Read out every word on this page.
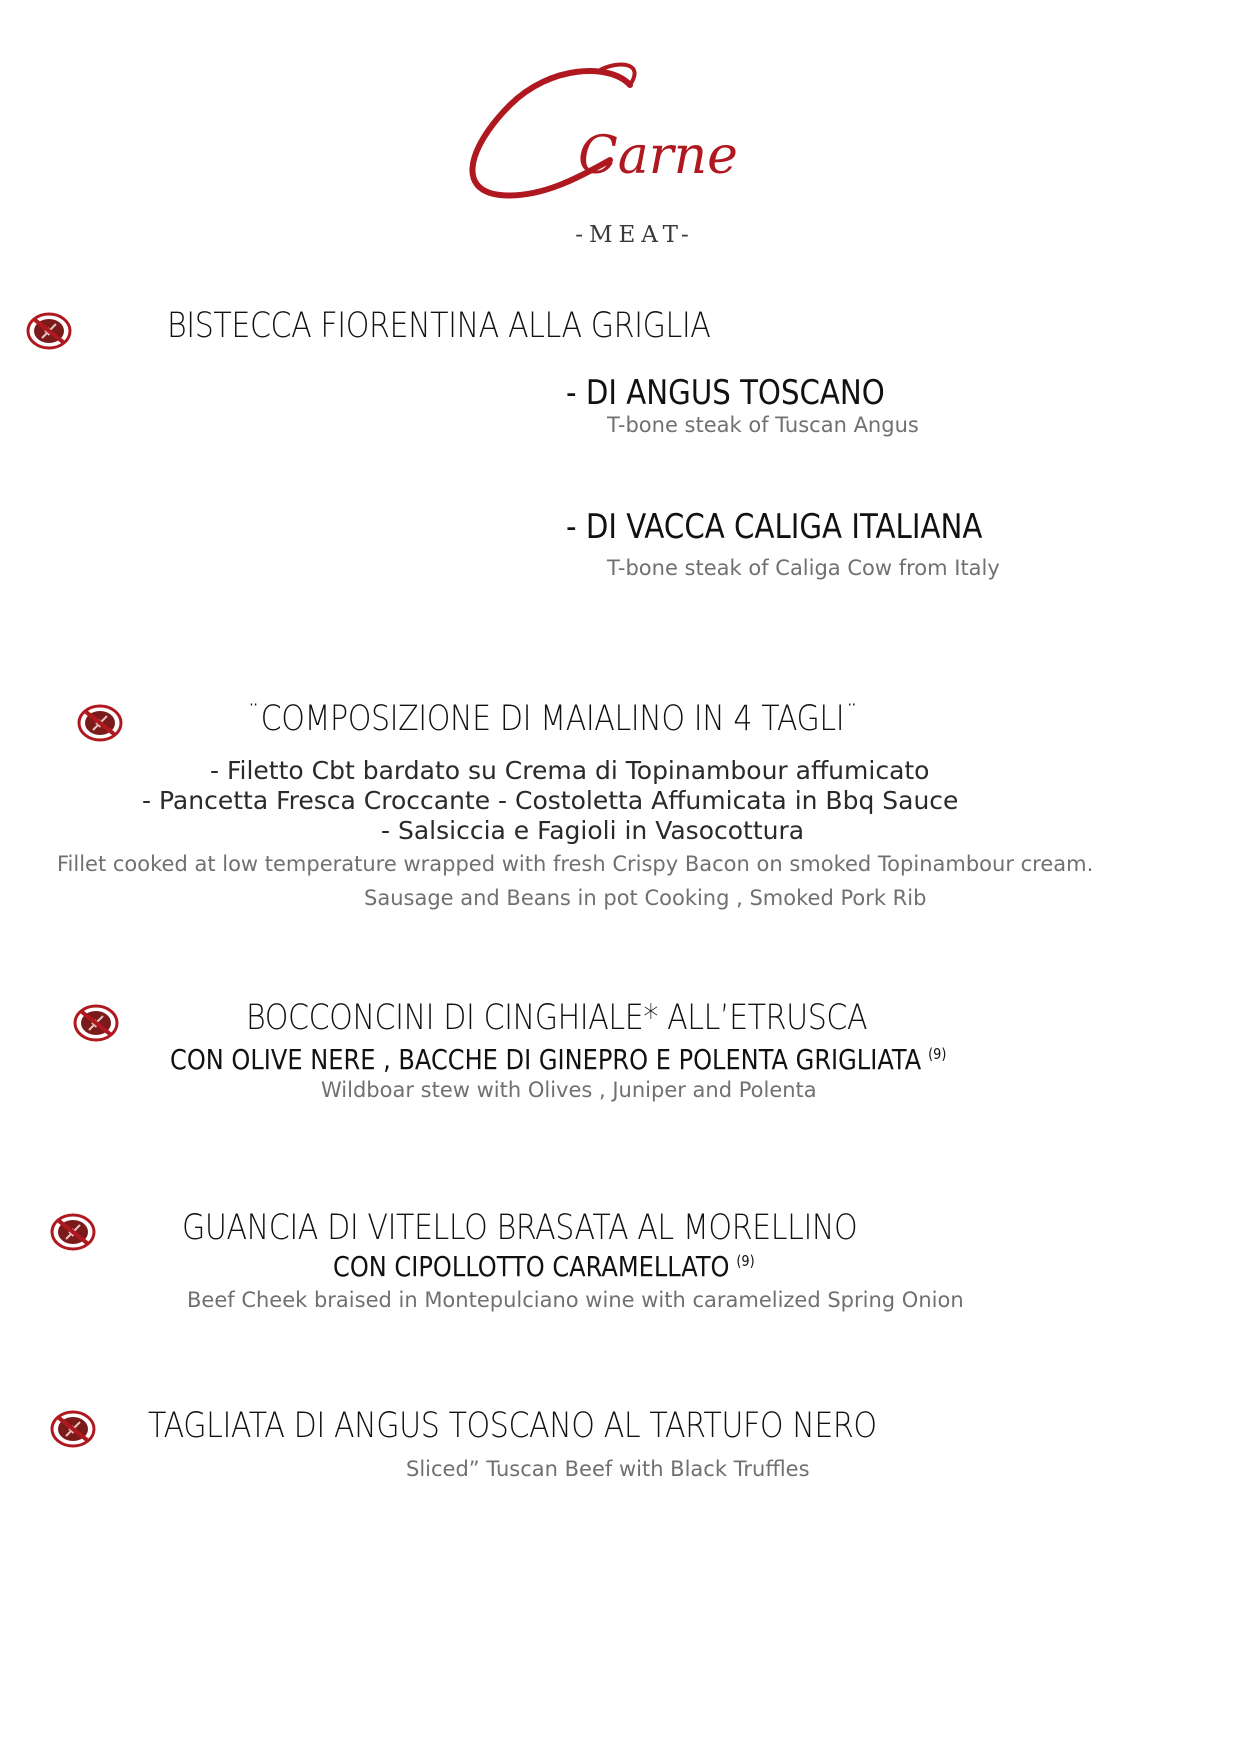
Carne
-MEAT-
BISTECCA FIORENTINA ALLA GRIGLIA
- DI ANGUS TOSCANO
T-bone steak of Tuscan Angus
- DI VACCA CALIGA ITALIANA
T-bone steak of Caliga Cow from Italy
¨COMPOSIZIONE DI MAIALINO IN 4 TAGLI¨
- Filetto Cbt bardato su Crema di Topinambour affumicato
- Pancetta Fresca Croccante - Costoletta Affumicata in Bbq Sauce
- Salsiccia e Fagioli in Vasocottura
Fillet cooked at low temperature wrapped with fresh Crispy Bacon on smoked Topinambour cream.
Sausage and Beans in pot Cooking , Smoked Pork Rib
BOCCONCINI DI CINGHIALE* ALL’ETRUSCA
CON OLIVE NERE , BACCHE DI GINEPRO E POLENTA GRIGLIATA $^{(9)}$
Wildboar stew with Olives , Juniper and Polenta
GUANCIA DI VITELLO BRASATA AL MORELLINO
CON CIPOLLOTTO CARAMELLATO $^{(9)}$
Beef Cheek braised in Montepulciano wine with caramelized Spring Onion
TAGLIATA DI ANGUS TOSCANO AL TARTUFO NERO
Sliced” Tuscan Beef with Black Truffles
